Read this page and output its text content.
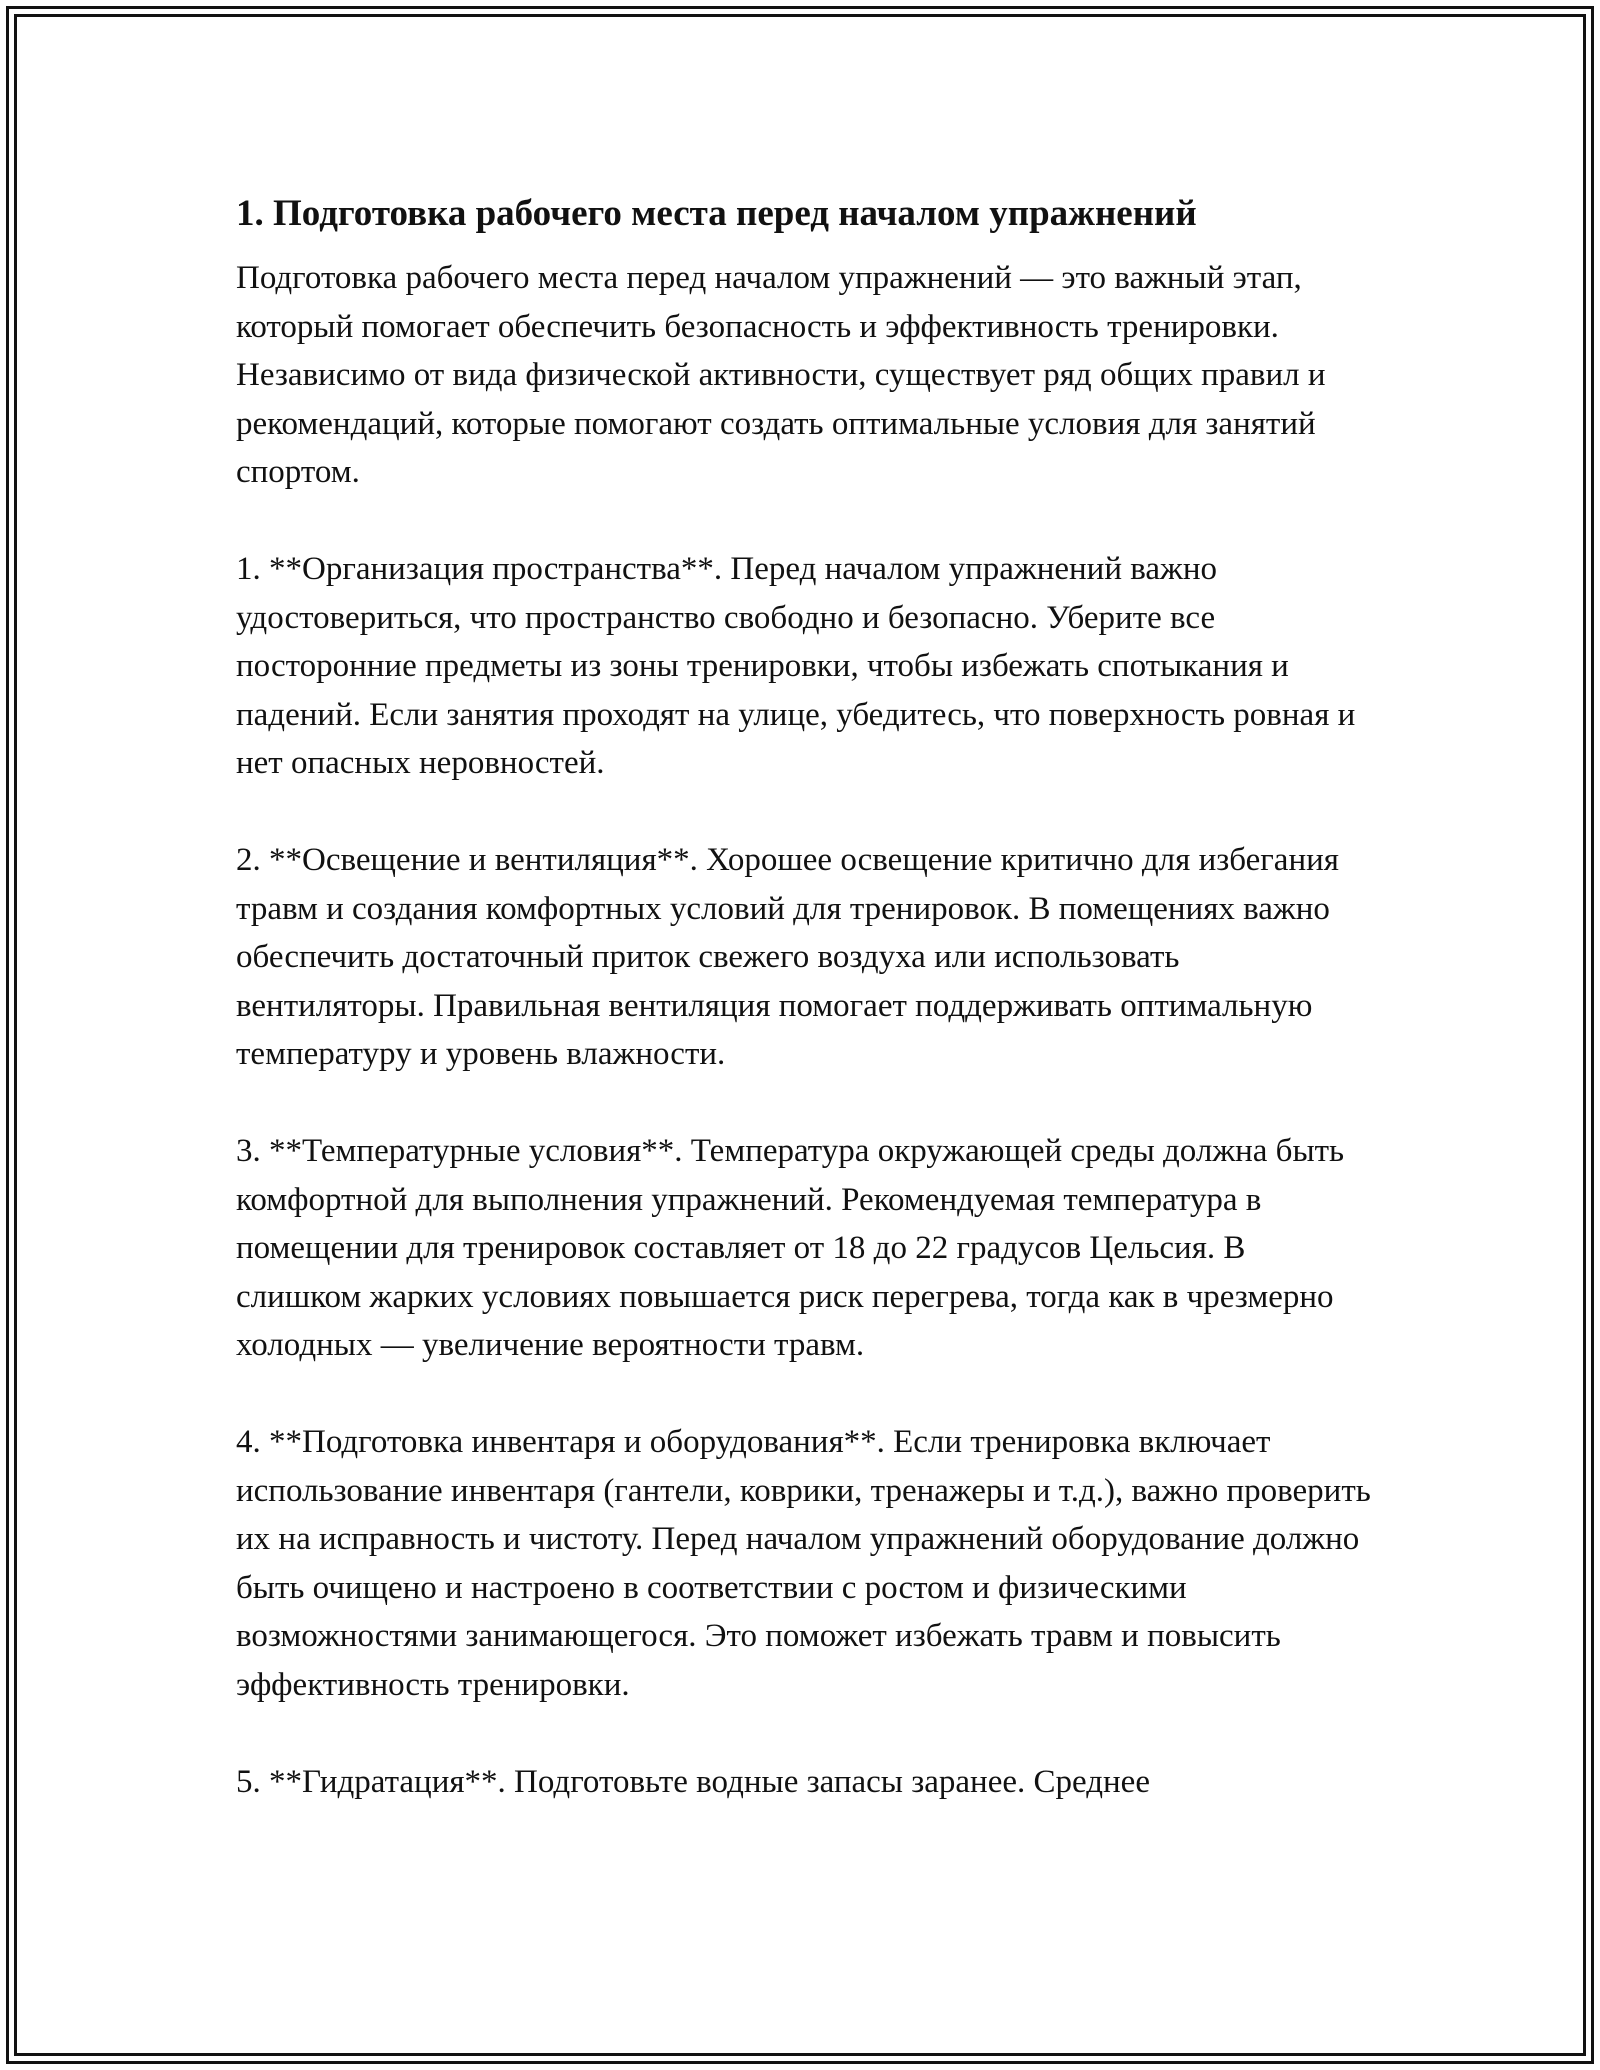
1. Подготовка рабочего места перед началом упражнений

Подготовка рабочего места перед началом упражнений — это важный этап, который помогает обеспечить безопасность и эффективность тренировки. Независимо от вида физической активности, существует ряд общих правил и рекомендаций, которые помогают создать оптимальные условия для занятий спортом.

1. **Организация пространства**. Перед началом упражнений важно удостовериться, что пространство свободно и безопасно. Уберите все посторонние предметы из зоны тренировки, чтобы избежать спотыкания и падений. Если занятия проходят на улице, убедитесь, что поверхность ровная и нет опасных неровностей.

2. **Освещение и вентиляция**. Хорошее освещение критично для избегания травм и создания комфортных условий для тренировок. В помещениях важно обеспечить достаточный приток свежего воздуха или использовать вентиляторы. Правильная вентиляция помогает поддерживать оптимальную температуру и уровень влажности.

3. **Температурные условия**. Температура окружающей среды должна быть комфортной для выполнения упражнений. Рекомендуемая температура в помещении для тренировок составляет от 18 до 22 градусов Цельсия. В слишком жарких условиях повышается риск перегрева, тогда как в чрезмерно холодных — увеличение вероятности травм.

4. **Подготовка инвентаря и оборудования**. Если тренировка включает использование инвентаря (гантели, коврики, тренажеры и т.д.), важно проверить их на исправность и чистоту. Перед началом упражнений оборудование должно быть очищено и настроено в соответствии с ростом и физическими возможностями занимающегося. Это поможет избежать травм и повысить эффективность тренировки.

5. **Гидратация**. Подготовьте водные запасы заранее. Среднее
